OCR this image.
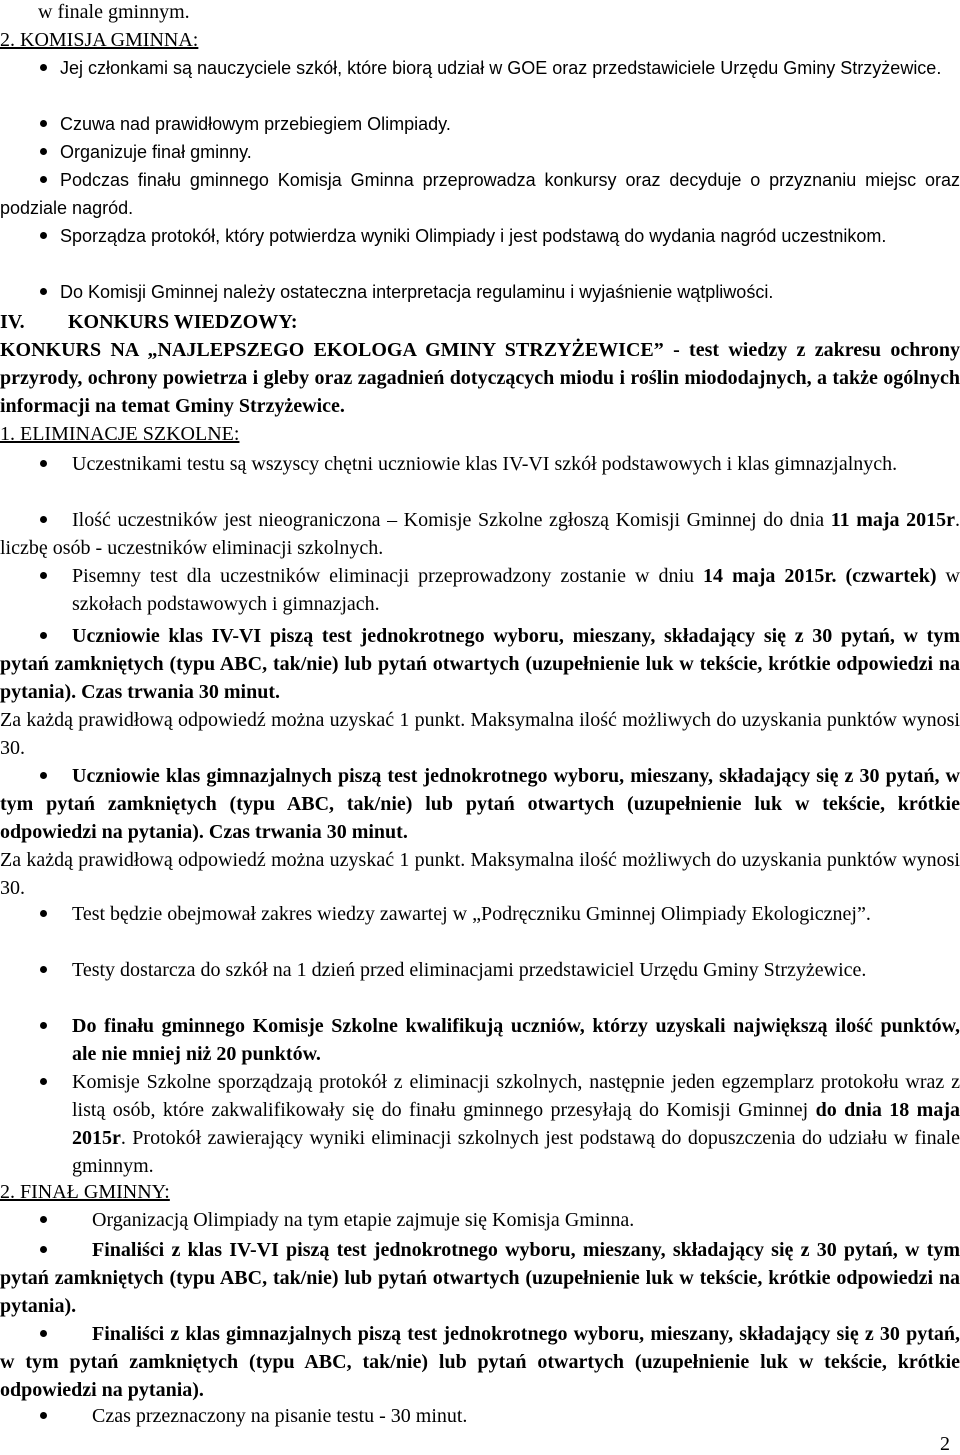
w finale gminnym.

2. KOMISJA GMINNA:

Jej członkami są nauczyciele szkół, które biorą udział w GOE oraz przedstawiciele Urzędu Gminy Strzyżewice.

Czuwa nad prawidłowym przebiegiem Olimpiady.

Organizuje finał gminny.

Podczas finału gminnego Komisja Gminna przeprowadza konkursy oraz decyduje o przyznaniu miejsc oraz podziale nagród.

Sporządza protokół, który potwierdza wyniki Olimpiady i jest podstawą do wydania nagród uczestnikom.

Do Komisji Gminnej należy ostateczna interpretacja regulaminu i wyjaśnienie wątpliwości.

IV. KONKURS WIEDZOWY:

KONKURS NA „NAJLEPSZEGO EKOLOGA GMINY STRZYŻEWICE” - test wiedzy z zakresu ochrony przyrody, ochrony powietrza i gleby oraz zagadnień dotyczących miodu i roślin miododajnych, a także ogólnych informacji na temat Gminy Strzyżewice.

1. ELIMINACJE SZKOLNE:

Uczestnikami testu są wszyscy chętni uczniowie klas IV-VI szkół podstawowych i klas gimnazjalnych.

Ilość uczestników jest nieograniczona – Komisje Szkolne zgłoszą Komisji Gminnej do dnia 11 maja 2015r. liczbę osób - uczestników eliminacji szkolnych.

Pisemny test dla uczestników eliminacji przeprowadzony zostanie w dniu 14 maja 2015r. (czwartek) w szkołach podstawowych i gimnazjach.

Uczniowie klas IV-VI piszą test jednokrotnego wyboru, mieszany, składający się z 30 pytań, w tym pytań zamkniętych (typu ABC, tak/nie) lub pytań otwartych (uzupełnienie luk w tekście, krótkie odpowiedzi na pytania). Czas trwania 30 minut.

Za każdą prawidłową odpowiedź można uzyskać 1 punkt. Maksymalna ilość możliwych do uzyskania punktów wynosi 30.

Uczniowie klas gimnazjalnych piszą test jednokrotnego wyboru, mieszany, składający się z 30 pytań, w tym pytań zamkniętych (typu ABC, tak/nie) lub pytań otwartych (uzupełnienie luk w tekście, krótkie odpowiedzi na pytania). Czas trwania 30 minut.

Za każdą prawidłową odpowiedź można uzyskać 1 punkt. Maksymalna ilość możliwych do uzyskania punktów wynosi 30.

Test będzie obejmował zakres wiedzy zawartej w „Podręczniku Gminnej Olimpiady Ekologicznej”.

Testy dostarcza do szkół na 1 dzień przed eliminacjami przedstawiciel Urzędu Gminy Strzyżewice.

Do finału gminnego Komisje Szkolne kwalifikują uczniów, którzy uzyskali największą ilość punktów, ale nie mniej niż 20 punktów.

Komisje Szkolne sporządzają protokół z eliminacji szkolnych, następnie jeden egzemplarz protokołu wraz z listą osób, które zakwalifikowały się do finału gminnego przesyłają do Komisji Gminnej do dnia 18 maja 2015r. Protokół zawierający wyniki eliminacji szkolnych jest podstawą do dopuszczenia do udziału w finale gminnym.

2. FINAŁ GMINNY:

Organizacją Olimpiady na tym etapie zajmuje się Komisja Gminna.

Finaliści z klas IV-VI piszą test jednokrotnego wyboru, mieszany, składający się z 30 pytań, w tym pytań zamkniętych (typu ABC, tak/nie) lub pytań otwartych (uzupełnienie luk w tekście, krótkie odpowiedzi na pytania).

Finaliści z klas gimnazjalnych piszą test jednokrotnego wyboru, mieszany, składający się z 30 pytań, w tym pytań zamkniętych (typu ABC, tak/nie) lub pytań otwartych (uzupełnienie luk w tekście, krótkie odpowiedzi na pytania).

Czas przeznaczony na pisanie testu - 30 minut.

2
